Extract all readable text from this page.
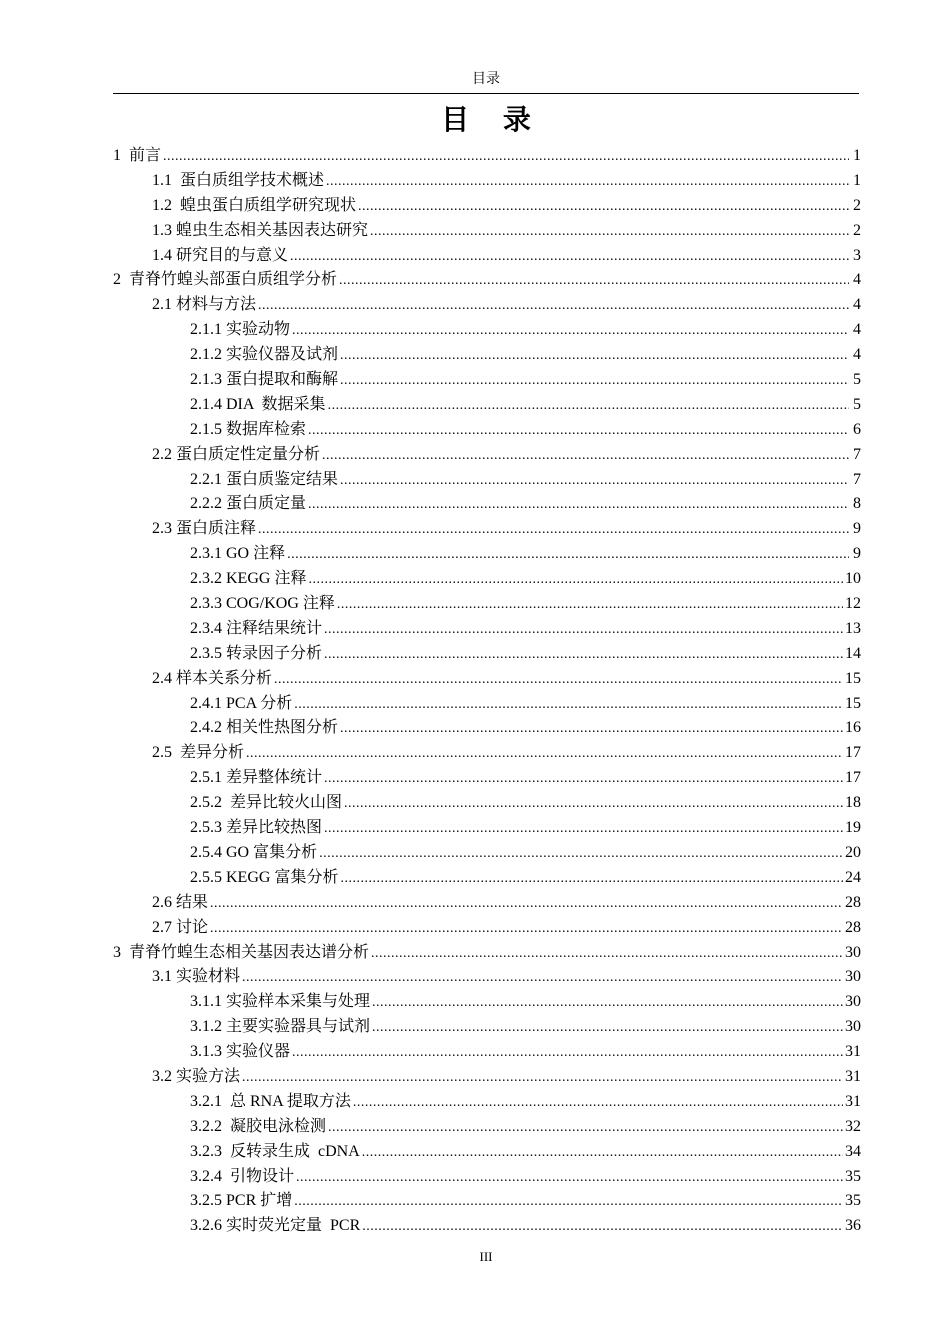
目录
目 录
1 前言 .....	1
1.1 蛋白质组学技术概述 .....	1
1.2 蝗虫蛋白质组学研究现状 .....	2
1.3 蝗虫生态相关基因表达研究 .....	2
1.4 研究目的与意义 .....	3
2 青脊竹蝗头部蛋白质组学分析 .....	4
2.1 材料与方法 .....	4
2.1.1 实验动物 .....	4
2.1.2 实验仪器及试剂 .....	4
2.1.3 蛋白提取和酶解 .....	5
2.1.4 DIA  数据采集 .....	5
2.1.5 数据库检索 .....	6
2.2 蛋白质定性定量分析 .....	7
2.2.1 蛋白质鉴定结果 .....	7
2.2.2 蛋白质定量 .....	8
2.3 蛋白质注释 .....	9
2.3.1 GO 注释 .....	9
2.3.2 KEGG 注释 .....	10
2.3.3 COG/KOG 注释 .....	12
2.3.4 注释结果统计 .....	13
2.3.5 转录因子分析 .....	14
2.4 样本关系分析 .....	15
2.4.1 PCA 分析 .....	15
2.4.2 相关性热图分析 .....	16
2.5 差异分析 .....	17
2.5.1 差异整体统计 .....	17
2.5.2 差异比较火山图 .....	18
2.5.3 差异比较热图 .....	19
2.5.4 GO 富集分析 .....	20
2.5.5 KEGG 富集分析 .....	24
2.6 结果 .....	28
2.7 讨论 .....	28
3 青脊竹蝗生态相关基因表达谱分析 .....	30
3.1 实验材料 .....	30
3.1.1 实验样本采集与处理 .....	30
3.1.2 主要实验器具与试剂 .....	30
3.1.3 实验仪器 .....	31
3.2 实验方法 .....	31
3.2.1 总 RNA 提取方法 .....	31
3.2.2 凝胶电泳检测 .....	32
3.2.3 反转录生成  cDNA .....	34
3.2.4 引物设计 .....	35
3.2.5 PCR 扩增 .....	35
3.2.6 实时荧光定量  PCR .....	36
III
